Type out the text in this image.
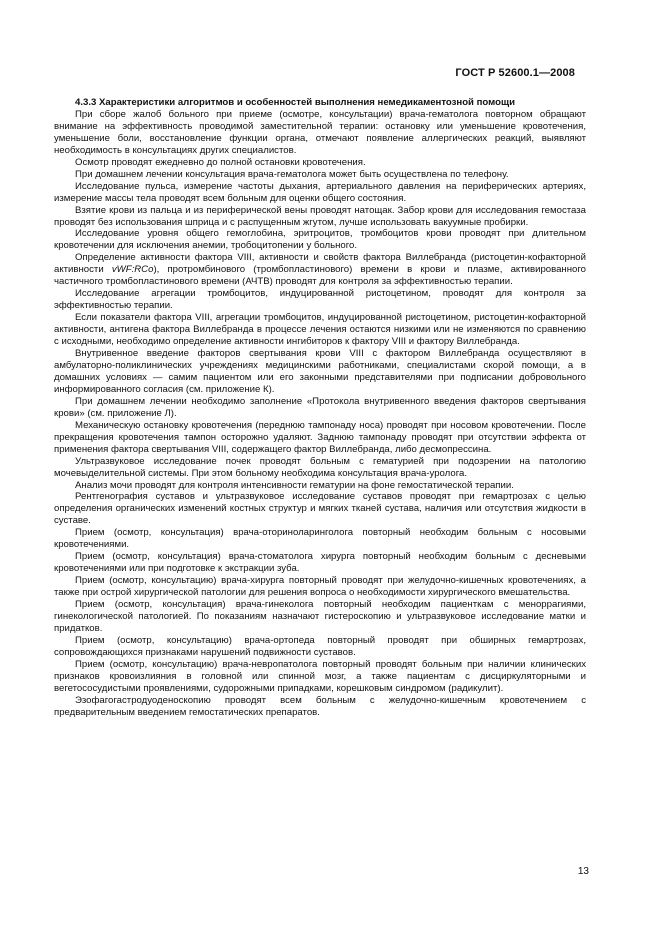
ГОСТ Р 52600.1—2008

4.3.3 Характеристики алгоритмов и особенностей выполнения немедикаментозной помощи

При сборе жалоб больного при приеме (осмотре, консультации) врача-гематолога повторном обращают внимание на эффективность проводимой заместительной терапии: остановку или уменьшение кровотечения, уменьшение боли, восстановление функции органа, отмечают появление аллергических реакций, выявляют необходимость в консультациях других специалистов.

Осмотр проводят ежедневно до полной остановки кровотечения.

При домашнем лечении консультация врача-гематолога может быть осуществлена по телефону.

Исследование пульса, измерение частоты дыхания, артериального давления на периферических артериях, измерение массы тела проводят всем больным для оценки общего состояния.

Взятие крови из пальца и из периферической вены проводят натощак. Забор крови для исследования гемостаза проводят без использования шприца и с распущенным жгутом, лучше использовать вакуумные пробирки.

Исследование уровня общего гемоглобина, эритроцитов, тромбоцитов крови проводят при длительном кровотечении для исключения анемии, тробоцитопении у больного.

Определение активности фактора VIII, активности и свойств фактора Виллебранда (ристоцетин-кофакторной активности vWF:RCo), протромбинового (тромбопластинового) времени в крови и плазме, активированного частичного тромбопластинового времени (АЧТВ) проводят для контроля за эффективностью терапии.

Исследование агрегации тромбоцитов, индуцированной ристоцетином, проводят для контроля за эффективностью терапии.

Если показатели фактора VIII, агрегации тромбоцитов, индуцированной ристоцетином, ристоцетин-кофакторной активности, антигена фактора Виллебранда в процессе лечения остаются низкими или не изменяются по сравнению с исходными, необходимо определение активности ингибиторов к фактору VIII и фактору Виллебранда.

Внутривенное введение факторов свертывания крови VIII с фактором Виллебранда осуществляют в амбулаторно-поликлинических учреждениях медицинскими работниками, специалистами скорой помощи, а в домашних условиях — самим пациентом или его законными представителями при подписании добровольного информированного согласия (см. приложение К).

При домашнем лечении необходимо заполнение «Протокола внутривенного введения факторов свертывания крови» (см. приложение Л).

Механическую остановку кровотечения (переднюю тампонаду носа) проводят при носовом кровотечении. После прекращения кровотечения тампон осторожно удаляют. Заднюю тампонаду проводят при отсутствии эффекта от применения фактора свертывания VIII, содержащего фактор Виллебранда, либо десмопрессина.

Ультразвуковое исследование почек проводят больным с гематурией при подозрении на патологию мочевыделительной системы. При этом больному необходима консультация врача-уролога.

Анализ мочи проводят для контроля интенсивности гематурии на фоне гемостатической терапии.

Рентгенография суставов и ультразвуковое исследование суставов проводят при гемартрозах с целью определения органических изменений костных структур и мягких тканей сустава, наличия или отсутствия жидкости в суставе.

Прием (осмотр, консультация) врача-оториноларинголога повторный необходим больным с носовыми кровотечениями.

Прием (осмотр, консультация) врача-стоматолога хирурга повторный необходим больным с десневыми кровотечениями или при подготовке к экстракции зуба.

Прием (осмотр, консультацию) врача-хирурга повторный проводят при желудочно-кишечных кровотечениях, а также при острой хирургической патологии для решения вопроса о необходимости хирургического вмешательства.

Прием (осмотр, консультация) врача-гинеколога повторный необходим пациенткам с меноррагиями, гинекологической патологией. По показаниям назначают гистероскопию и ультразвуковое исследование матки и придатков.

Прием (осмотр, консультацию) врача-ортопеда повторный проводят при обширных гемартрозах, сопровождающихся признаками нарушений подвижности суставов.

Прием (осмотр, консультацию) врача-невропатолога повторный проводят больным при наличии клинических признаков кровоизлияния в головной или спинной мозг, а также пациентам с дисциркуляторными и вегетососудистыми проявлениями, судорожными припадками, корешковым синдромом (радикулит).

Эзофагогастродуоденоскопию проводят всем больным с желудочно-кишечным кровотечением с предварительным введением гемостатических препаратов.

13
